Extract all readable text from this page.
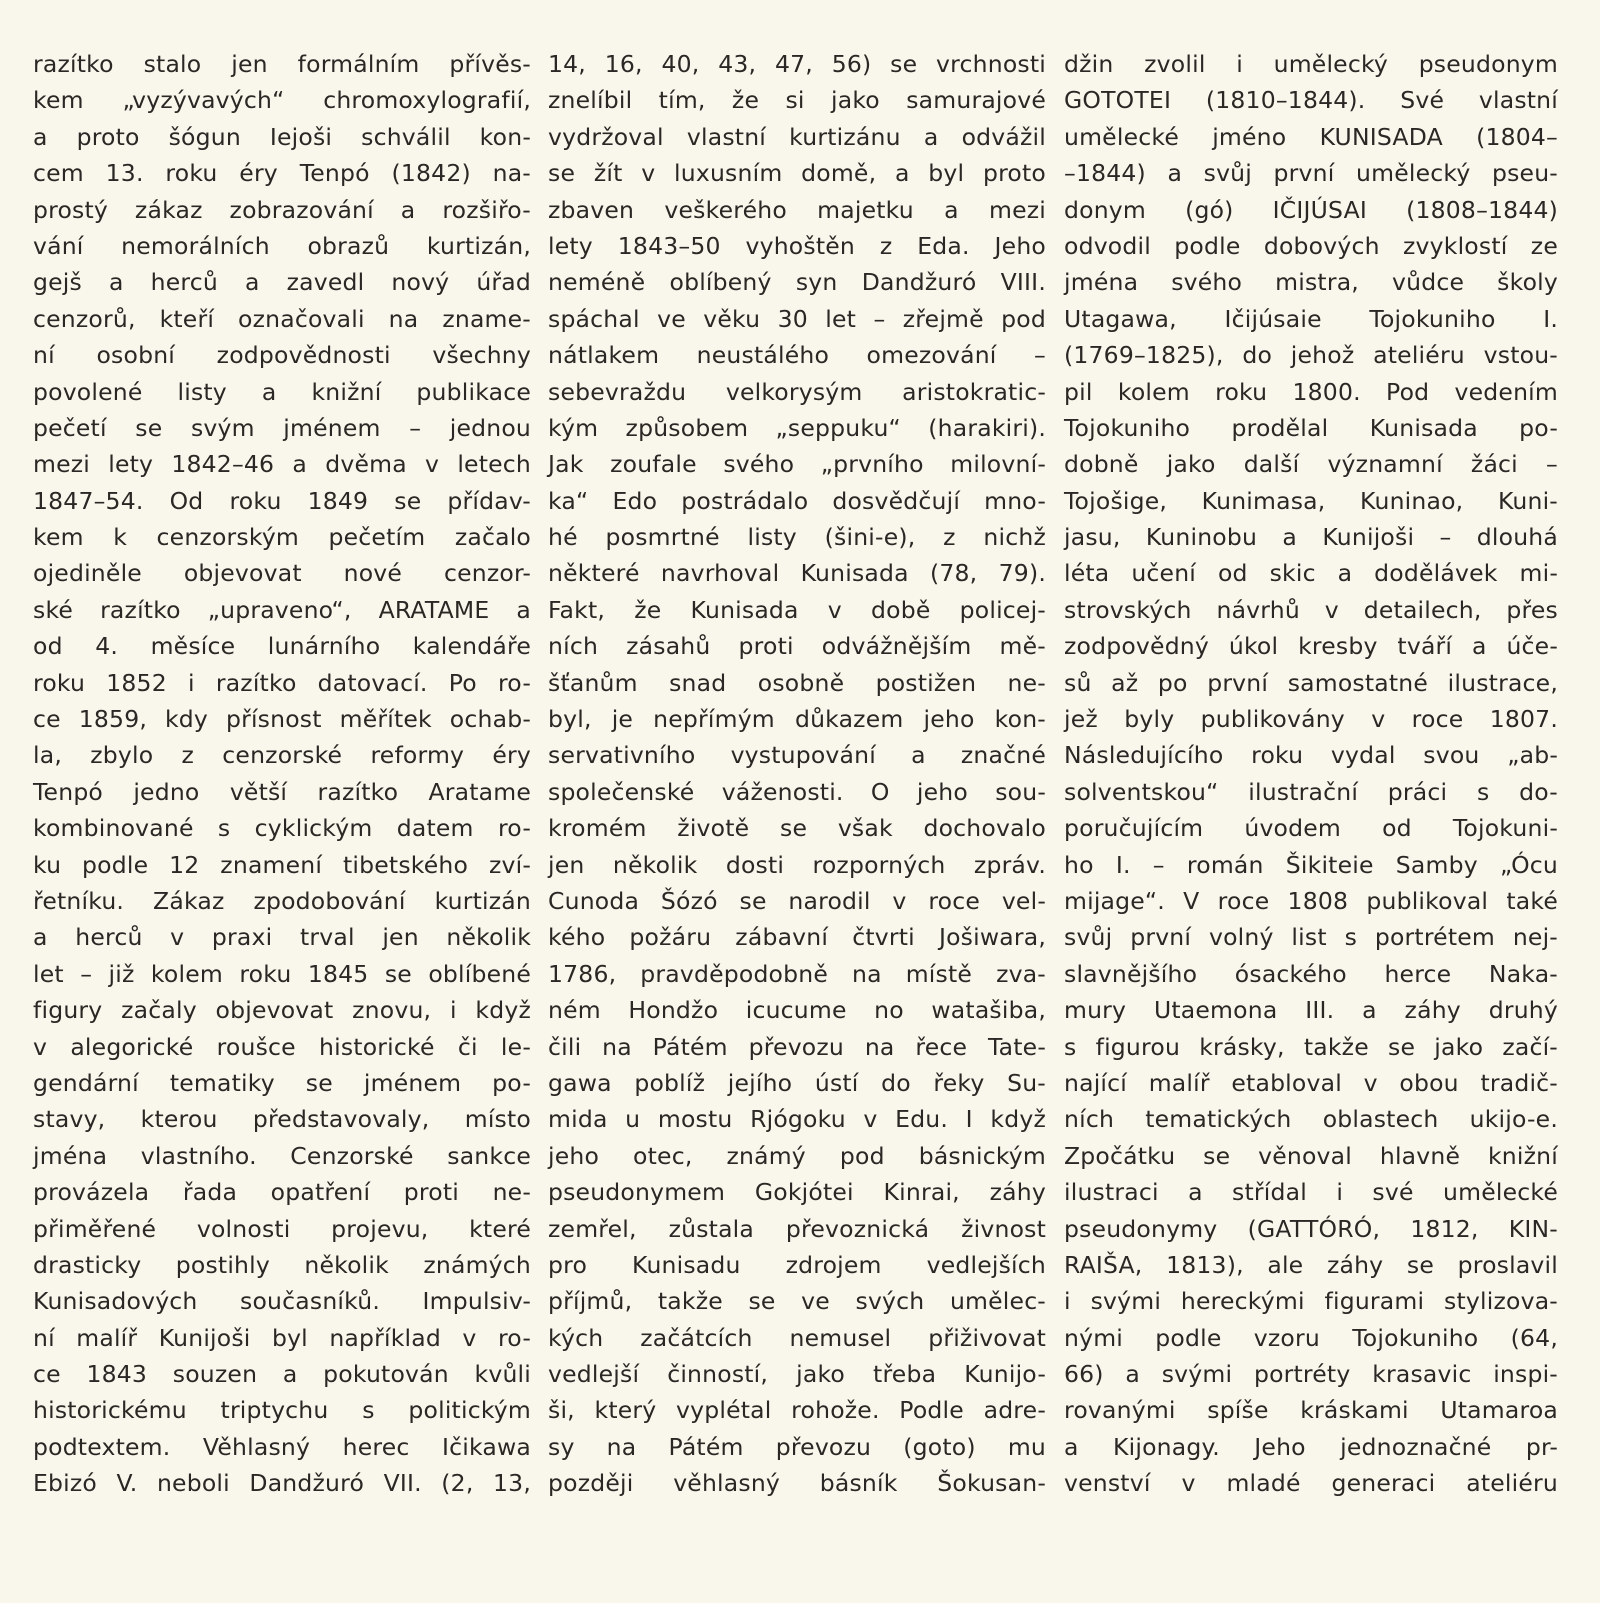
razítko stalo jen formálním přívěs-
kem „vyzývavých“ chromoxylografií,
a proto šógun Iejoši schválil kon-
cem 13. roku éry Tenpó (1842) na-
prostý zákaz zobrazování a rozšiřo-
vání nemorálních obrazů kurtizán,
gejš a herců a zavedl nový úřad
cenzorů, kteří označovali na zname-
ní osobní zodpovědnosti všechny
povolené listy a knižní publikace
pečetí se svým jménem – jednou
mezi lety 1842–46 a dvěma v letech
1847–54. Od roku 1849 se přídav-
kem k cenzorským pečetím začalo
ojediněle objevovat nové cenzor-
ské razítko „upraveno“, ARATAME a
od 4. měsíce lunárního kalendáře
roku 1852 i razítko datovací. Po ro-
ce 1859, kdy přísnost měřítek ochab-
la, zbylo z cenzorské reformy éry
Tenpó jedno větší razítko Aratame
kombinované s cyklickým datem ro-
ku podle 12 znamení tibetského zví-
řetníku. Zákaz zpodobování kurtizán
a herců v praxi trval jen několik
let – již kolem roku 1845 se oblíbené
figury začaly objevovat znovu, i když
v alegorické roušce historické či le-
gendární tematiky se jménem po-
stavy, kterou představovaly, místo
jména vlastního. Cenzorské sankce
provázela řada opatření proti ne-
přiměřené volnosti projevu, které
drasticky postihly několik známých
Kunisadových současníků. Impulsiv-
ní malíř Kunijoši byl například v ro-
ce 1843 souzen a pokutován kvůli
historickému triptychu s politickým
podtextem. Věhlasný herec Ičikawa
Ebizó V. neboli Dandžuró VII. (2, 13,
14, 16, 40, 43, 47, 56) se vrchnosti
znelíbil tím, že si jako samurajové
vydržoval vlastní kurtizánu a odvážil
se žít v luxusním domě, a byl proto
zbaven veškerého majetku a mezi
lety 1843–50 vyhoštěn z Eda. Jeho
neméně oblíbený syn Dandžuró VIII.
spáchal ve věku 30 let – zřejmě pod
nátlakem neustálého omezování –
sebevraždu velkorysým aristokratic-
kým způsobem „seppuku“ (harakiri).
Jak zoufale svého „prvního milovní-
ka“ Edo postrádalo dosvědčují mno-
hé posmrtné listy (šini-e), z nichž
některé navrhoval Kunisada (78, 79).
Fakt, že Kunisada v době policej-
ních zásahů proti odvážnějším mě-
šťanům snad osobně postižen ne-
byl, je nepřímým důkazem jeho kon-
servativního vystupování a značné
společenské váženosti. O jeho sou-
kromém životě se však dochovalo
jen několik dosti rozporných zpráv.
Cunoda Šózó se narodil v roce vel-
kého požáru zábavní čtvrti Jošiwara,
1786, pravděpodobně na místě zva-
ném Hondžo icucume no watašiba,
čili na Pátém převozu na řece Tate-
gawa poblíž jejího ústí do řeky Su-
mida u mostu Rjógoku v Edu. I když
jeho otec, známý pod básnickým
pseudonymem Gokjótei Kinrai, záhy
zemřel, zůstala převoznická živnost
pro Kunisadu zdrojem vedlejších
příjmů, takže se ve svých umělec-
kých začátcích nemusel přiživovat
vedlejší činností, jako třeba Kunijo-
ši, který vyplétal rohože. Podle adre-
sy na Pátém převozu (goto) mu
později věhlasný básník Šokusan-
džin zvolil i umělecký pseudonym
GOTOTEI (1810–1844). Své vlastní
umělecké jméno KUNISADA (1804–
–1844) a svůj první umělecký pseu-
donym (gó) IČIJÚSAI (1808–1844)
odvodil podle dobových zvyklostí ze
jména svého mistra, vůdce školy
Utagawa, Ičijúsaie Tojokuniho I.
(1769–1825), do jehož ateliéru vstou-
pil kolem roku 1800. Pod vedením
Tojokuniho prodělal Kunisada po-
dobně jako další významní žáci –
Tojošige, Kunimasa, Kuninao, Kuni-
jasu, Kuninobu a Kunijoši – dlouhá
léta učení od skic a dodělávek mi-
strovských návrhů v detailech, přes
zodpovědný úkol kresby tváří a úče-
sů až po první samostatné ilustrace,
jež byly publikovány v roce 1807.
Následujícího roku vydal svou „ab-
solventskou“ ilustrační práci s do-
poručujícím úvodem od Tojokuni-
ho I. – román Šikiteie Samby „Ócu
mijage“. V roce 1808 publikoval také
svůj první volný list s portrétem nej-
slavnějšího ósackého herce Naka-
mury Utaemona III. a záhy druhý
s figurou krásky, takže se jako začí-
nající malíř etabloval v obou tradič-
ních tematických oblastech ukijo-e.
Zpočátku se věnoval hlavně knižní
ilustraci a střídal i své umělecké
pseudonymy (GATTÓRÓ, 1812, KIN-
RAIŠA, 1813), ale záhy se proslavil
i svými hereckými figurami stylizova-
nými podle vzoru Tojokuniho (64,
66) a svými portréty krasavic inspi-
rovanými spíše kráskami Utamaroa
a Kijonagy. Jeho jednoznačné pr-
venství v mladé generaci ateliéru
